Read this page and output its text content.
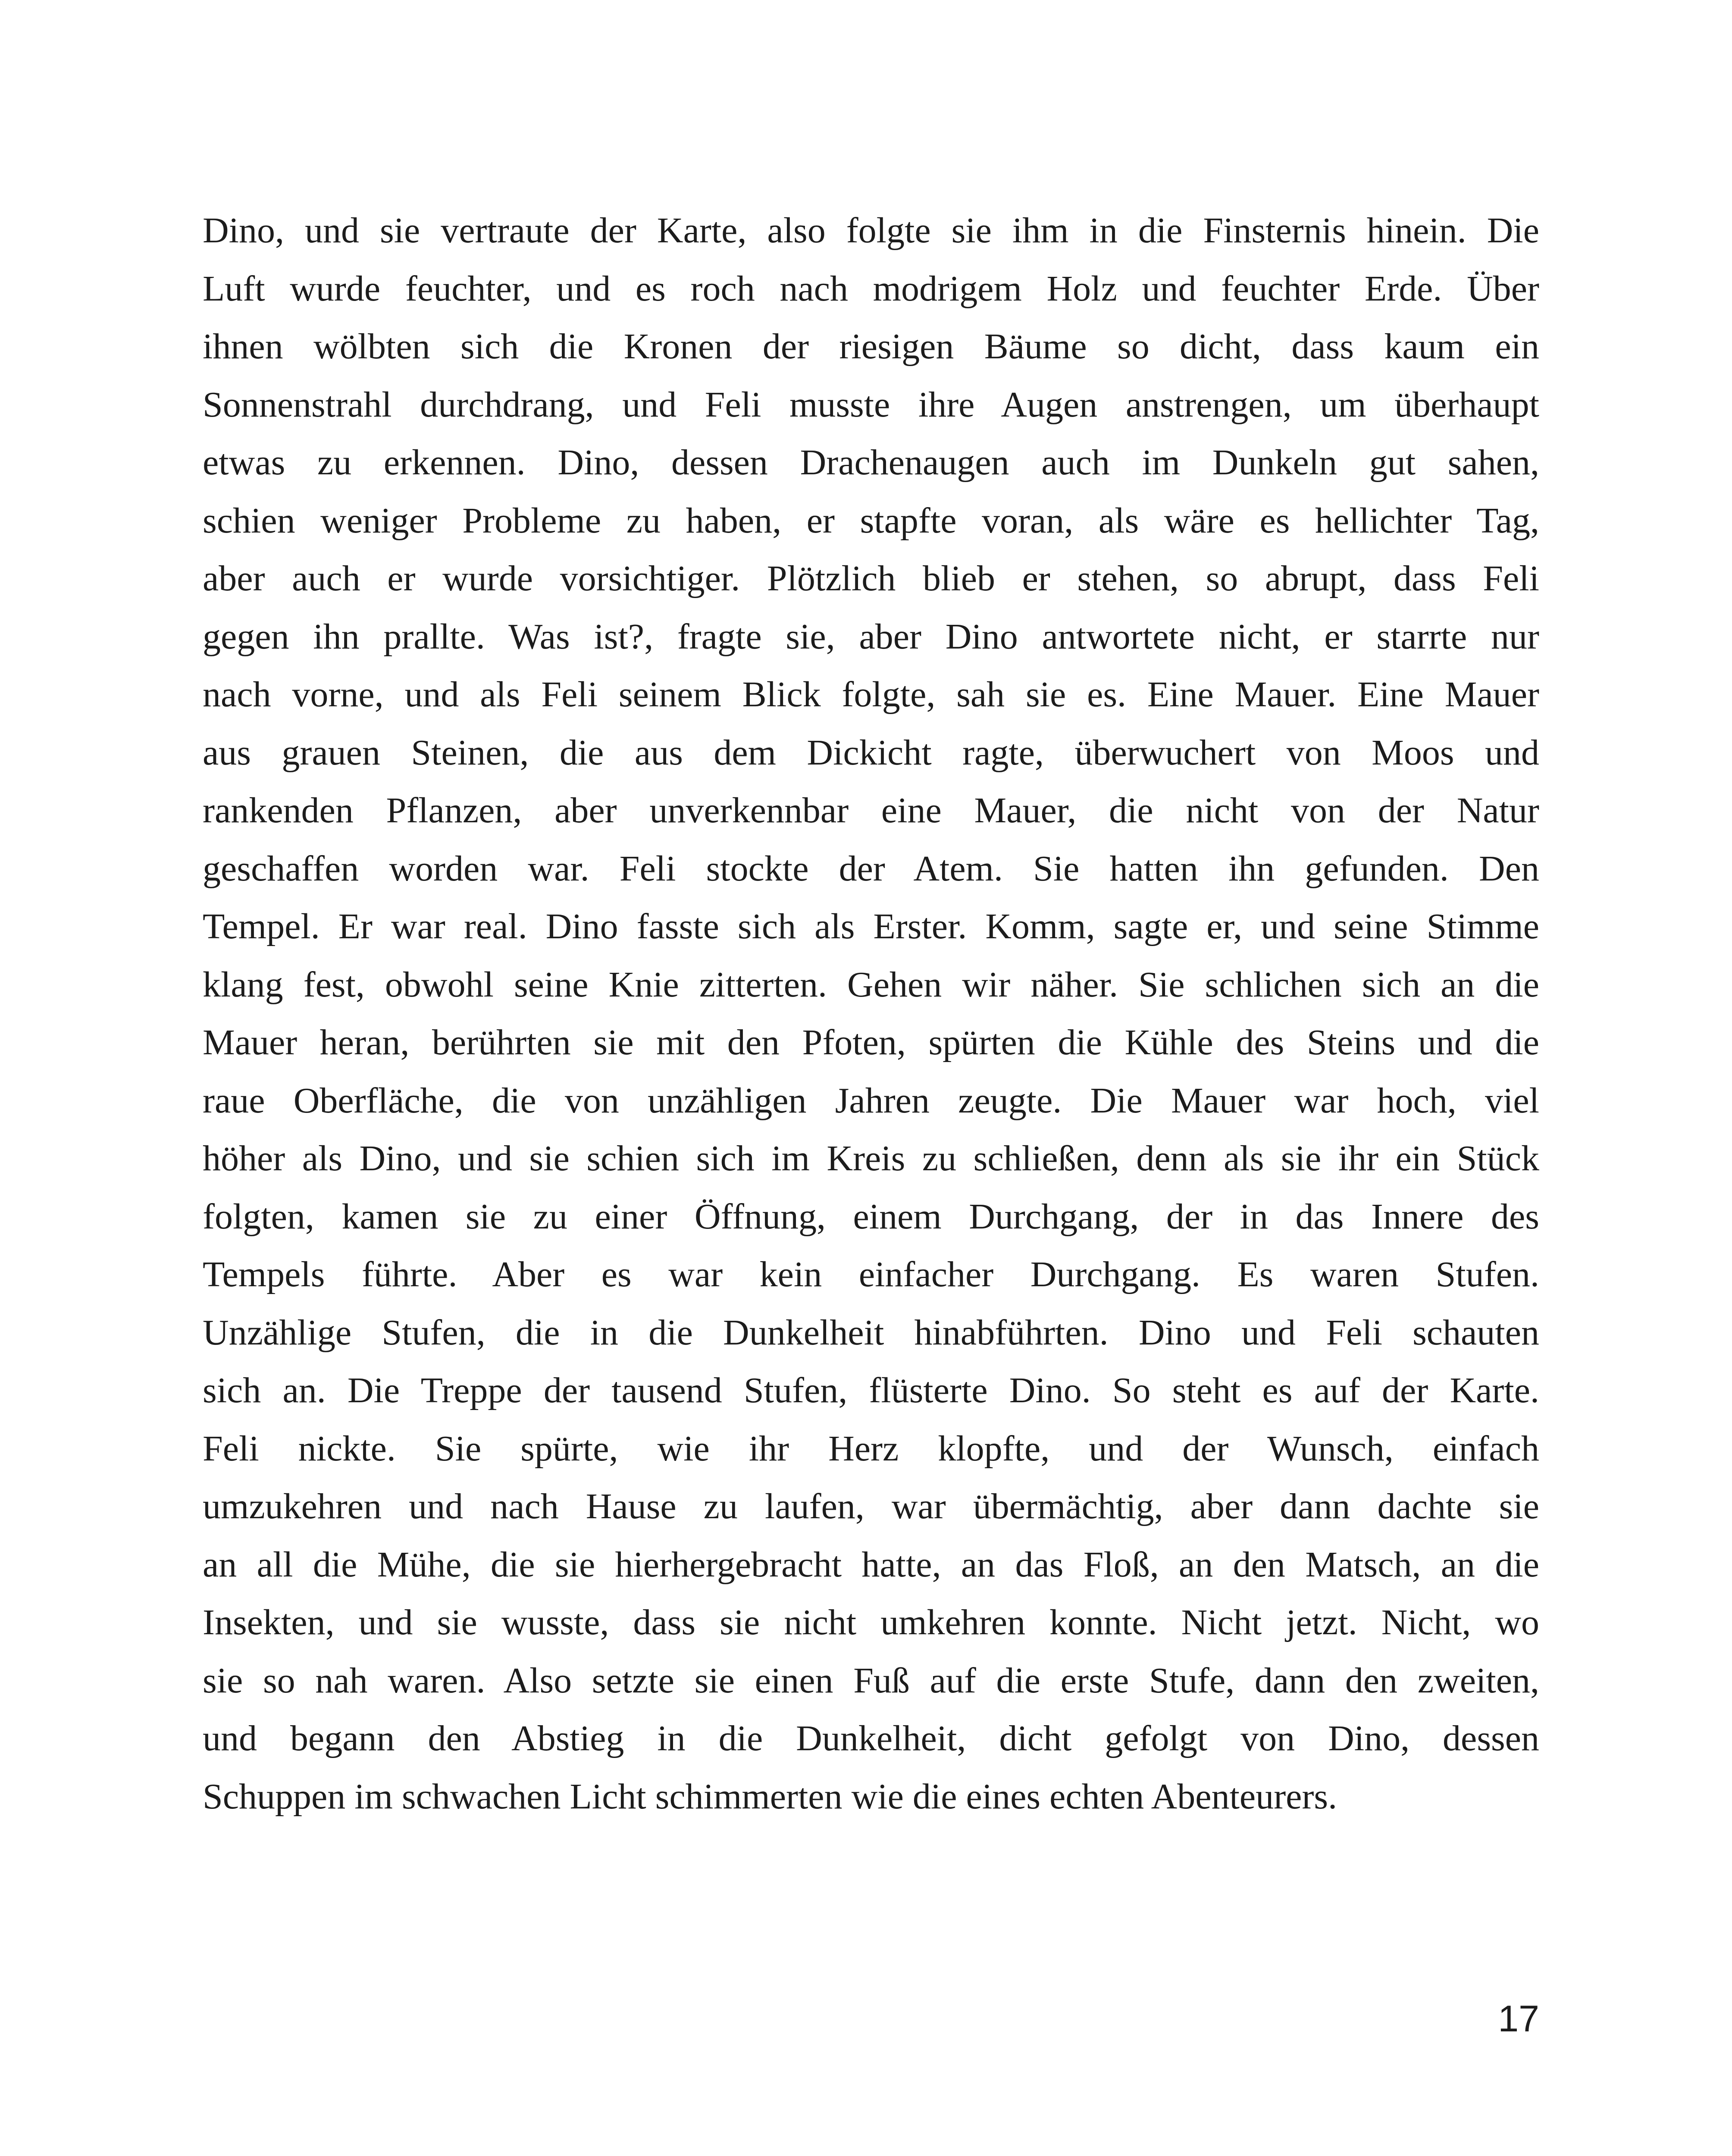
Dino, und sie vertraute der Karte, also folgte sie ihm in die Finsternis hinein. Die
Luft wurde feuchter, und es roch nach modrigem Holz und feuchter Erde. Über
ihnen wölbten sich die Kronen der riesigen Bäume so dicht, dass kaum ein
Sonnenstrahl durchdrang, und Feli musste ihre Augen anstrengen, um überhaupt
etwas zu erkennen. Dino, dessen Drachenaugen auch im Dunkeln gut sahen,
schien weniger Probleme zu haben, er stapfte voran, als wäre es hellichter Tag,
aber auch er wurde vorsichtiger. Plötzlich blieb er stehen, so abrupt, dass Feli
gegen ihn prallte. Was ist?, fragte sie, aber Dino antwortete nicht, er starrte nur
nach vorne, und als Feli seinem Blick folgte, sah sie es. Eine Mauer. Eine Mauer
aus grauen Steinen, die aus dem Dickicht ragte, überwuchert von Moos und
rankenden Pflanzen, aber unverkennbar eine Mauer, die nicht von der Natur
geschaffen worden war. Feli stockte der Atem. Sie hatten ihn gefunden. Den
Tempel. Er war real. Dino fasste sich als Erster. Komm, sagte er, und seine Stimme
klang fest, obwohl seine Knie zitterten. Gehen wir näher. Sie schlichen sich an die
Mauer heran, berührten sie mit den Pfoten, spürten die Kühle des Steins und die
raue Oberfläche, die von unzähligen Jahren zeugte. Die Mauer war hoch, viel
höher als Dino, und sie schien sich im Kreis zu schließen, denn als sie ihr ein Stück
folgten, kamen sie zu einer Öffnung, einem Durchgang, der in das Innere des
Tempels führte. Aber es war kein einfacher Durchgang. Es waren Stufen.
Unzählige Stufen, die in die Dunkelheit hinabführten. Dino und Feli schauten
sich an. Die Treppe der tausend Stufen, flüsterte Dino. So steht es auf der Karte.
Feli nickte. Sie spürte, wie ihr Herz klopfte, und der Wunsch, einfach
umzukehren und nach Hause zu laufen, war übermächtig, aber dann dachte sie
an all die Mühe, die sie hierhergebracht hatte, an das Floß, an den Matsch, an die
Insekten, und sie wusste, dass sie nicht umkehren konnte. Nicht jetzt. Nicht, wo
sie so nah waren. Also setzte sie einen Fuß auf die erste Stufe, dann den zweiten,
und begann den Abstieg in die Dunkelheit, dicht gefolgt von Dino, dessen
Schuppen im schwachen Licht schimmerten wie die eines echten Abenteurers.
17
